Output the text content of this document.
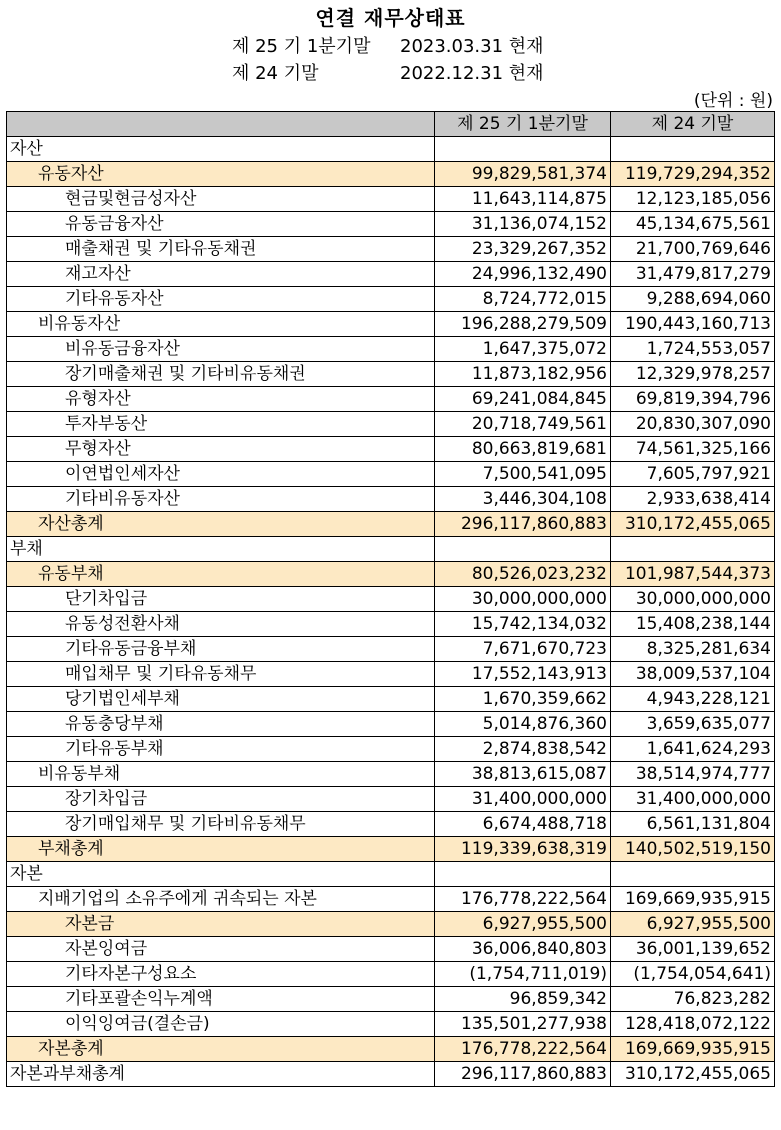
연결 재무상태표
제 25 기 1분기말 2023.03.31 현재
제 24 기말	2022.12.31 현재
(단위 : 원)
	제 25 기 1분기말	제 24 기말
자산		
유동자산	99,829,581,374	119,729,294,352
현금및현금성자산	11,643,114,875	12,123,185,056
유동금융자산	31,136,074,152	45,134,675,561
매출채권 및 기타유동채권	23,329,267,352	21,700,769,646
재고자산	24,996,132,490	31,479,817,279
기타유동자산	8,724,772,015	9,288,694,060
비유동자산	196,288,279,509	190,443,160,713
비유동금융자산	1,647,375,072	1,724,553,057
장기매출채권 및 기타비유동채권	11,873,182,956	12,329,978,257
유형자산	69,241,084,845	69,819,394,796
투자부동산	20,718,749,561	20,830,307,090
무형자산	80,663,819,681	74,561,325,166
이연법인세자산	7,500,541,095	7,605,797,921
기타비유동자산	3,446,304,108	2,933,638,414
자산총계	296,117,860,883	310,172,455,065
부채		
유동부채	80,526,023,232	101,987,544,373
단기차입금	30,000,000,000	30,000,000,000
유동성전환사채	15,742,134,032	15,408,238,144
기타유동금융부채	7,671,670,723	8,325,281,634
매입채무 및 기타유동채무	17,552,143,913	38,009,537,104
당기법인세부채	1,670,359,662	4,943,228,121
유동충당부채	5,014,876,360	3,659,635,077
기타유동부채	2,874,838,542	1,641,624,293
비유동부채	38,813,615,087	38,514,974,777
장기차입금	31,400,000,000	31,400,000,000
장기매입채무 및 기타비유동채무	6,674,488,718	6,561,131,804
부채총계	119,339,638,319	140,502,519,150
자본		
지배기업의 소유주에게 귀속되는 자본	176,778,222,564	169,669,935,915
자본금	6,927,955,500	6,927,955,500
자본잉여금	36,006,840,803	36,001,139,652
기타자본구성요소	(1,754,711,019)	(1,754,054,641)
기타포괄손익누계액	96,859,342	76,823,282
이익잉여금(결손금)	135,501,277,938	128,418,072,122
자본총계	176,778,222,564	169,669,935,915
자본과부채총계	296,117,860,883	310,172,455,065
